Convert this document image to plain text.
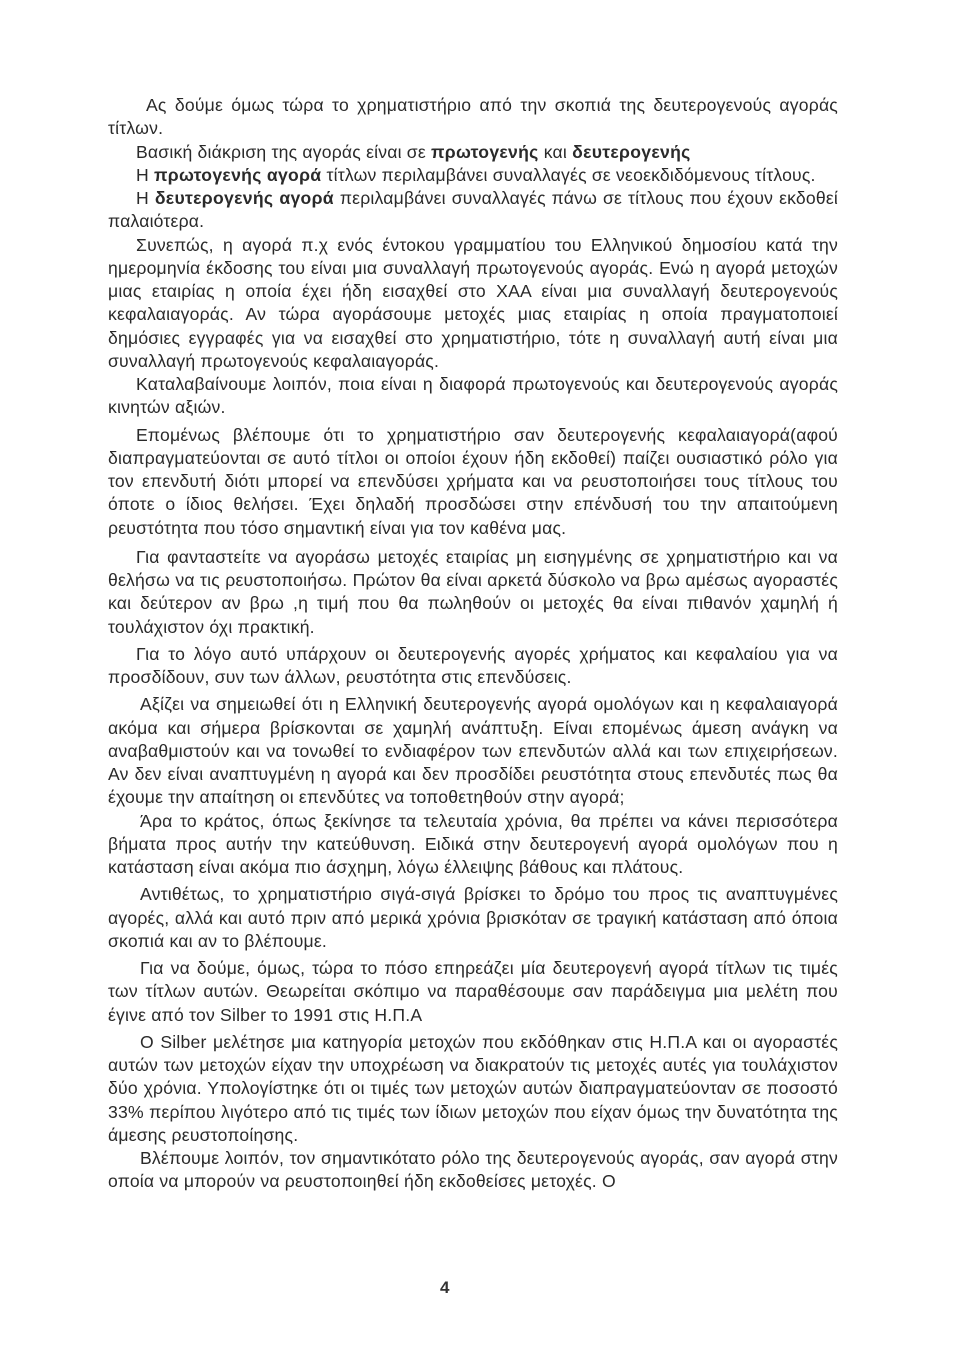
Ας δούμε όμως τώρα το χρηματιστήριο από την σκοπιά της δευτερογενούς αγοράς τίτλων.

Βασική διάκριση της αγοράς είναι σε πρωτογενής και δευτερογενής

Η πρωτογενής αγορά τίτλων περιλαμβάνει συναλλαγές σε νεοεκδιδόμενους τίτλους.

Η δευτερογενής αγορά περιλαμβάνει συναλλαγές πάνω σε τίτλους που έχουν εκδοθεί παλαιότερα.

Συνεπώς, η αγορά π.χ ενός έντοκου γραμματίου του Ελληνικού δημοσίου κατά την ημερομηνία έκδοσης του είναι μια συναλλαγή πρωτογενούς αγοράς. Ενώ η αγορά μετοχών μιας εταιρίας η οποία έχει ήδη εισαχθεί στο ΧΑΑ είναι μια συναλλαγή δευτερογενούς κεφαλαιαγοράς. Αν τώρα αγοράσουμε μετοχές μιας εταιρίας η οποία πραγματοποιεί δημόσιες εγγραφές για να εισαχθεί στο χρηματιστήριο, τότε η συναλλαγή αυτή είναι μια συναλλαγή πρωτογενούς κεφαλαιαγοράς.

Καταλαβαίνουμε λοιπόν, ποια είναι η διαφορά πρωτογενούς και δευτερογενούς αγοράς κινητών αξιών.

Επομένως βλέπουμε ότι το χρηματιστήριο σαν δευτερογενής κεφαλαιαγορά(αφού διαπραγματεύονται σε αυτό τίτλοι οι οποίοι έχουν ήδη εκδοθεί) παίζει ουσιαστικό ρόλο για τον επενδυτή διότι μπορεί να επενδύσει χρήματα και να ρευστοποιήσει τους τίτλους του όποτε ο ίδιος θελήσει. Έχει δηλαδή προσδώσει στην επένδυσή του την απαιτούμενη ρευστότητα που τόσο σημαντική είναι για τον καθένα μας.

Για φανταστείτε να αγοράσω μετοχές εταιρίας μη εισηγμένης σε χρηματιστήριο και να θελήσω να τις ρευστοποιήσω. Πρώτον θα είναι αρκετά δύσκολο να βρω αμέσως αγοραστές και δεύτερον αν βρω ,η τιμή που θα πωληθούν οι μετοχές θα είναι πιθανόν χαμηλή ή τουλάχιστον όχι πρακτική.

Για το λόγο αυτό υπάρχουν οι δευτερογενής αγορές χρήματος και κεφαλαίου για να προσδίδουν, συν των άλλων, ρευστότητα στις επενδύσεις.

Αξίζει να σημειωθεί ότι η Ελληνική δευτερογενής αγορά ομολόγων και η κεφαλαιαγορά ακόμα και σήμερα βρίσκονται σε χαμηλή ανάπτυξη. Είναι επομένως άμεση ανάγκη να αναβαθμιστούν και να τονωθεί το ενδιαφέρον των επενδυτών αλλά και των επιχειρήσεων. Αν δεν είναι αναπτυγμένη η αγορά και δεν προσδίδει ρευστότητα στους επενδυτές πως θα έχουμε την απαίτηση οι επενδύτες να τοποθετηθούν στην αγορά;

Άρα το κράτος, όπως ξεκίνησε τα τελευταία χρόνια, θα πρέπει να κάνει περισσότερα βήματα προς αυτήν την κατεύθυνση. Ειδικά στην δευτερογενή αγορά ομολόγων που η κατάσταση είναι ακόμα πιο άσχημη, λόγω έλλειψης βάθους και πλάτους.

Αντιθέτως, το χρηματιστήριο σιγά-σιγά βρίσκει το δρόμο του προς τις αναπτυγμένες αγορές, αλλά και αυτό πριν από μερικά χρόνια βρισκόταν σε τραγική κατάσταση από όποια σκοπιά και αν το βλέπουμε.

Για να δούμε, όμως, τώρα το πόσο επηρεάζει μία δευτερογενή αγορά τίτλων τις τιμές των τίτλων αυτών. Θεωρείται σκόπιμο να παραθέσουμε σαν παράδειγμα μια μελέτη που έγινε από τον Silber το 1991 στις Η.Π.Α

Ο Silber μελέτησε μια κατηγορία μετοχών που εκδόθηκαν στις Η.Π.Α και οι αγοραστές αυτών των μετοχών είχαν την υποχρέωση να διακρατούν τις μετοχές αυτές για τουλάχιστον δύο χρόνια. Υπολογίστηκε ότι οι τιμές των μετοχών αυτών διαπραγματεύονταν σε ποσοστό 33% περίπου λιγότερο από τις τιμές των ίδιων μετοχών που είχαν όμως την δυνατότητα της άμεσης ρευστοποίησης.

Βλέπουμε λοιπόν, τον σημαντικότατο ρόλο της δευτερογενούς αγοράς, σαν αγορά στην οποία να μπορούν να ρευστοποιηθεί ήδη εκδοθείσες μετοχές. Ο

4
